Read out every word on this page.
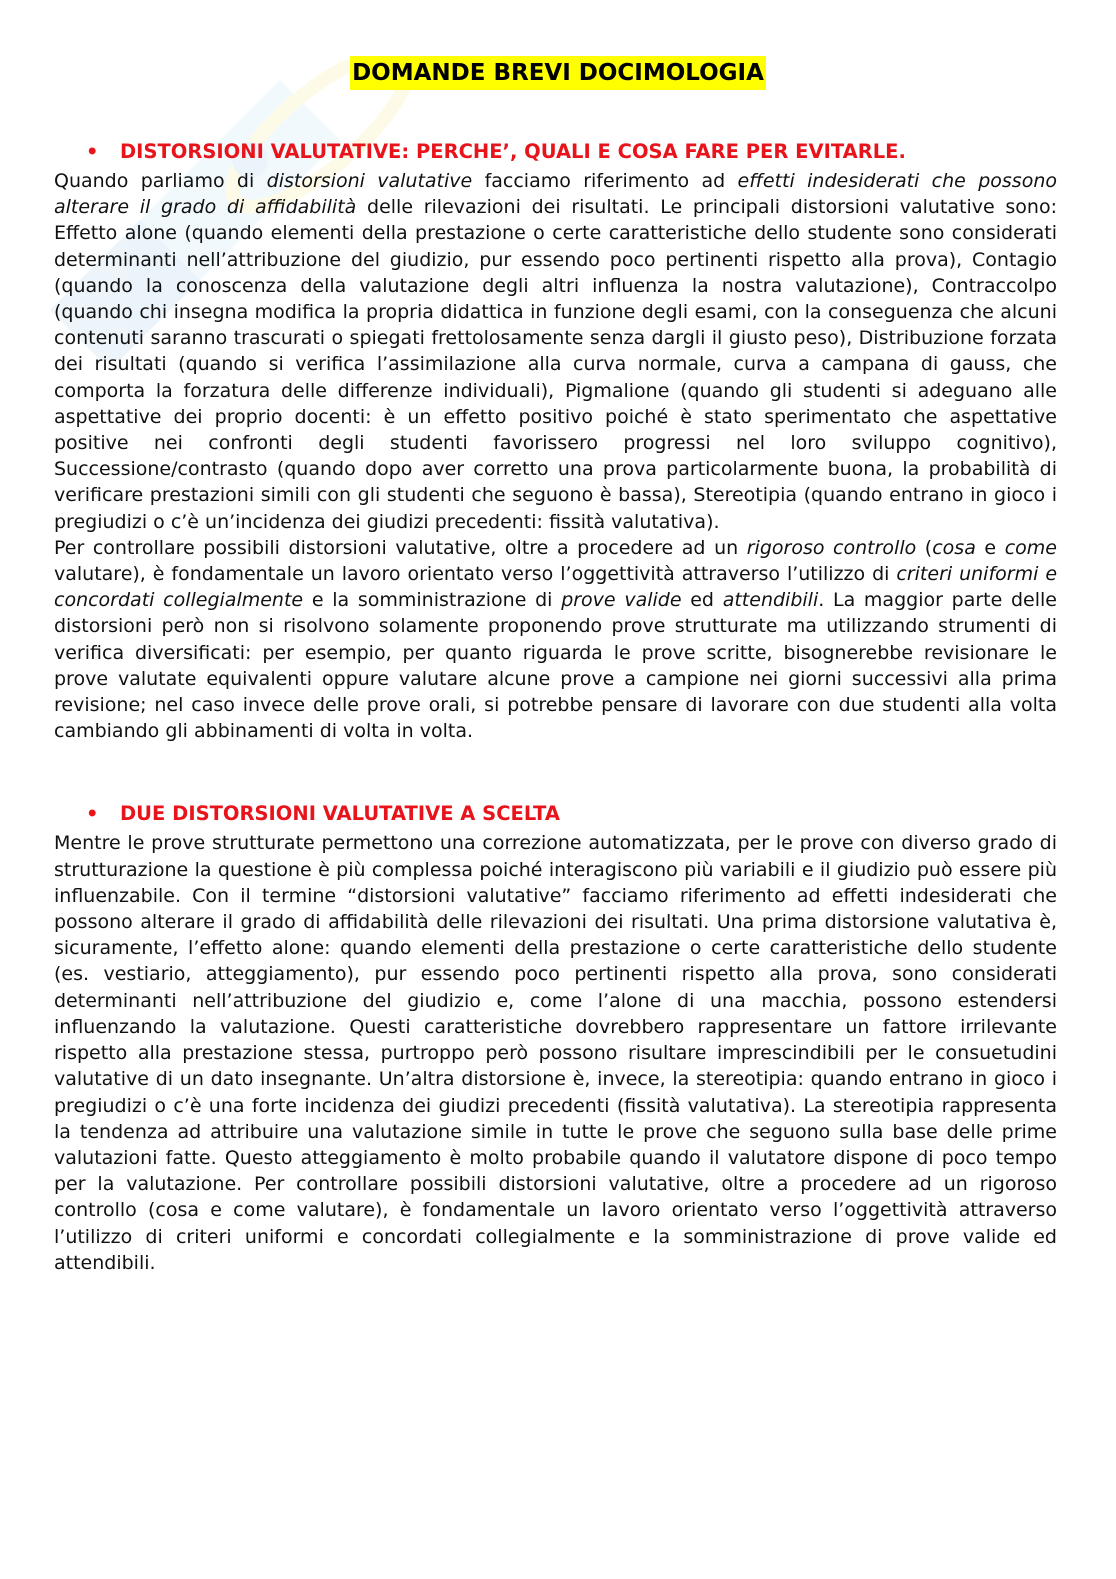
DOMANDE BREVI DOCIMOLOGIA
• DISTORSIONI VALUTATIVE: PERCHE’, QUALI E COSA FARE PER EVITARLE.

Quando parliamo di distorsioni valutative facciamo riferimento ad effetti indesiderati che possono alterare il grado di affidabilità delle rilevazioni dei risultati. Le principali distorsioni valutative sono: Effetto alone (quando elementi della prestazione o certe caratteristiche dello studente sono considerati determinanti nell’attribuzione del giudizio, pur essendo poco pertinenti rispetto alla prova), Contagio (quando la conoscenza della valutazione degli altri influenza la nostra valutazione), Contraccolpo (quando chi insegna modifica la propria didattica in funzione degli esami, con la conseguenza che alcuni contenuti saranno trascurati o spiegati frettolosamente senza dargli il giusto peso), Distribuzione forzata dei risultati (quando si verifica l’assimilazione alla curva normale, curva a campana di gauss, che comporta la forzatura delle differenze individuali), Pigmalione (quando gli studenti si adeguano alle aspettative dei proprio docenti: è un effetto positivo poiché è stato sperimentato che aspettative positive nei confronti degli studenti favorissero progressi nel loro sviluppo cognitivo), Successione/contrasto (quando dopo aver corretto una prova particolarmente buona, la probabilità di verificare prestazioni simili con gli studenti che seguono è bassa), Stereotipia (quando entrano in gioco i pregiudizi o c’è un’incidenza dei giudizi precedenti: fissità valutativa).

Per controllare possibili distorsioni valutative, oltre a procedere ad un rigoroso controllo (cosa e come valutare), è fondamentale un lavoro orientato verso l’oggettività attraverso l’utilizzo di criteri uniformi e concordati collegialmente e la somministrazione di prove valide ed attendibili. La maggior parte delle distorsioni però non si risolvono solamente proponendo prove strutturate ma utilizzando strumenti di verifica diversificati: per esempio, per quanto riguarda le prove scritte, bisognerebbe revisionare le prove valutate equivalenti oppure valutare alcune prove a campione nei giorni successivi alla prima revisione; nel caso invece delle prove orali, si potrebbe pensare di lavorare con due studenti alla volta cambiando gli abbinamenti di volta in volta.

• DUE DISTORSIONI VALUTATIVE A SCELTA

Mentre le prove strutturate permettono una correzione automatizzata, per le prove con diverso grado di strutturazione la questione è più complessa poiché interagiscono più variabili e il giudizio può essere più influenzabile. Con il termine “distorsioni valutative” facciamo riferimento ad effetti indesiderati che possono alterare il grado di affidabilità delle rilevazioni dei risultati. Una prima distorsione valutativa è, sicuramente, l’effetto alone: quando elementi della prestazione o certe caratteristiche dello studente (es. vestiario, atteggiamento), pur essendo poco pertinenti rispetto alla prova, sono considerati determinanti nell’attribuzione del giudizio e, come l’alone di una macchia, possono estendersi influenzando la valutazione. Questi caratteristiche dovrebbero rappresentare un fattore irrilevante rispetto alla prestazione stessa, purtroppo però possono risultare imprescindibili per le consuetudini valutative di un dato insegnante. Un’altra distorsione è, invece, la stereotipia: quando entrano in gioco i pregiudizi o c’è una forte incidenza dei giudizi precedenti (fissità valutativa). La stereotipia rappresenta la tendenza ad attribuire una valutazione simile in tutte le prove che seguono sulla base delle prime valutazioni fatte. Questo atteggiamento è molto probabile quando il valutatore dispone di poco tempo per la valutazione. Per controllare possibili distorsioni valutative, oltre a procedere ad un rigoroso controllo (cosa e come valutare), è fondamentale un lavoro orientato verso l’oggettività attraverso l’utilizzo di criteri uniformi e concordati collegialmente e la somministrazione di prove valide ed attendibili.
